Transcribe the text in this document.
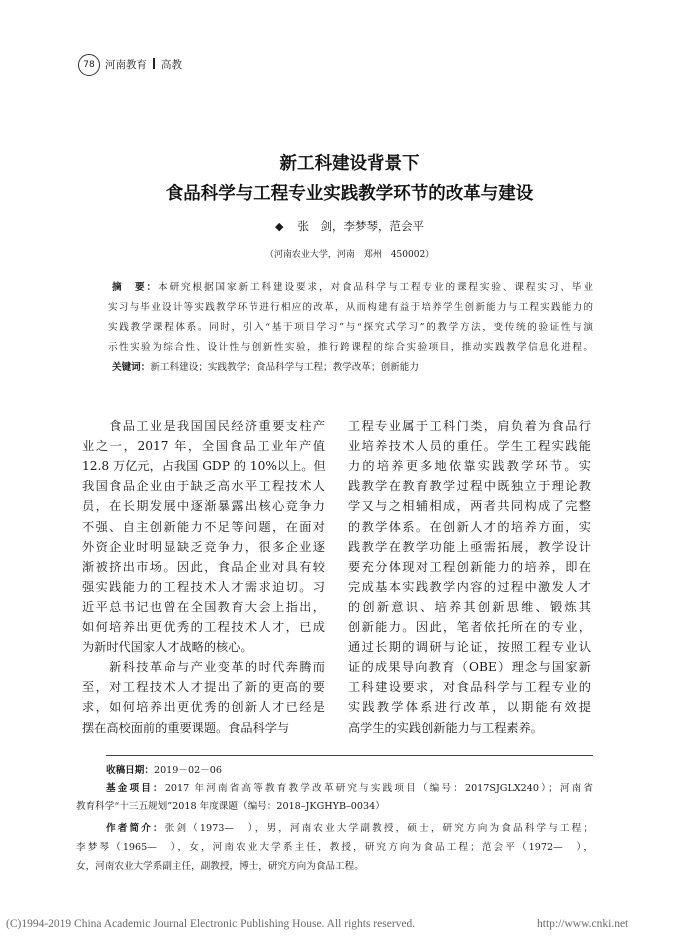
78 河南教育 高教
新工科建设背景下
食品科学与工程专业实践教学环节的改革与建设
◆ 张　剑，李梦琴，范会平
（河南农业大学，河南　郑州　450002）
摘　要：本研究根据国家新工科建设要求，对食品科学与工程专业的课程实验、课程实习、毕业
实习与毕业设计等实践教学环节进行相应的改革，从而构建有益于培养学生创新能力与工程实践能力的
实践教学课程体系。同时，引入“基于项目学习”与“探究式学习”的教学方法，变传统的验证性与演
示性实验为综合性、设计性与创新性实验，推行跨课程的综合实验项目，推动实践教学信息化进程。
关键词：新工科建设；实践教学；食品科学与工程；教学改革；创新能力
　　食品工业是我国国民经济重要支柱产
业之一，2017 年，全国食品工业年产值
12.8 万亿元，占我国 GDP 的 10%以上。但
我国食品企业由于缺乏高水平工程技术人
员，在长期发展中逐渐暴露出核心竞争力
不强、自主创新能力不足等问题，在面对
外资企业时明显缺乏竞争力，很多企业逐
渐被挤出市场。因此，食品企业对具有较
强实践能力的工程技术人才需求迫切。习
近平总书记也曾在全国教育大会上指出，
如何培养出更优秀的工程技术人才，已成
为新时代国家人才战略的核心。
　　新科技革命与产业变革的时代奔腾而
至，对工程技术人才提出了新的更高的要
求，如何培养出更优秀的创新人才已经是
摆在高校面前的重要课题。食品科学与
工程专业属于工科门类，肩负着为食品行
业培养技术人员的重任。学生工程实践能
力的培养更多地依靠实践教学环节。实
践教学在教育教学过程中既独立于理论教
学又与之相辅相成，两者共同构成了完整
的教学体系。在创新人才的培养方面，实
践教学在教学功能上亟需拓展，教学设计
要充分体现对工程创新能力的培养，即在
完成基本实践教学内容的过程中激发人才
的创新意识、培养其创新思维、锻炼其
创新能力。因此，笔者依托所在的专业，
通过长期的调研与论证，按照工程专业认
证的成果导向教育（OBE）理念与国家新
工科建设要求，对食品科学与工程专业的
实践教学体系进行改革，以期能有效提
高学生的实践创新能力与工程素养。
收稿日期：2019－02－06
基金项目：2017 年河南省高等教育教学改革研究与实践项目（编号：2017SJGLX240）；河南省
教育科学“十三五规划”2018 年度课题（编号：2018–JKGHYB–0034）
作者简介：张剑（1973—　），男，河南农业大学副教授，硕士，研究方向为食品科学与工程；
李梦琴（1965—　），女，河南农业大学系主任，教授，研究方向为食品工程；范会平（1972—　），
女，河南农业大学系副主任，副教授，博士，研究方向为食品工程。
(C)1994-2019 China Academic Journal Electronic Publishing House. All rights reserved.	http://www.cnki.net
